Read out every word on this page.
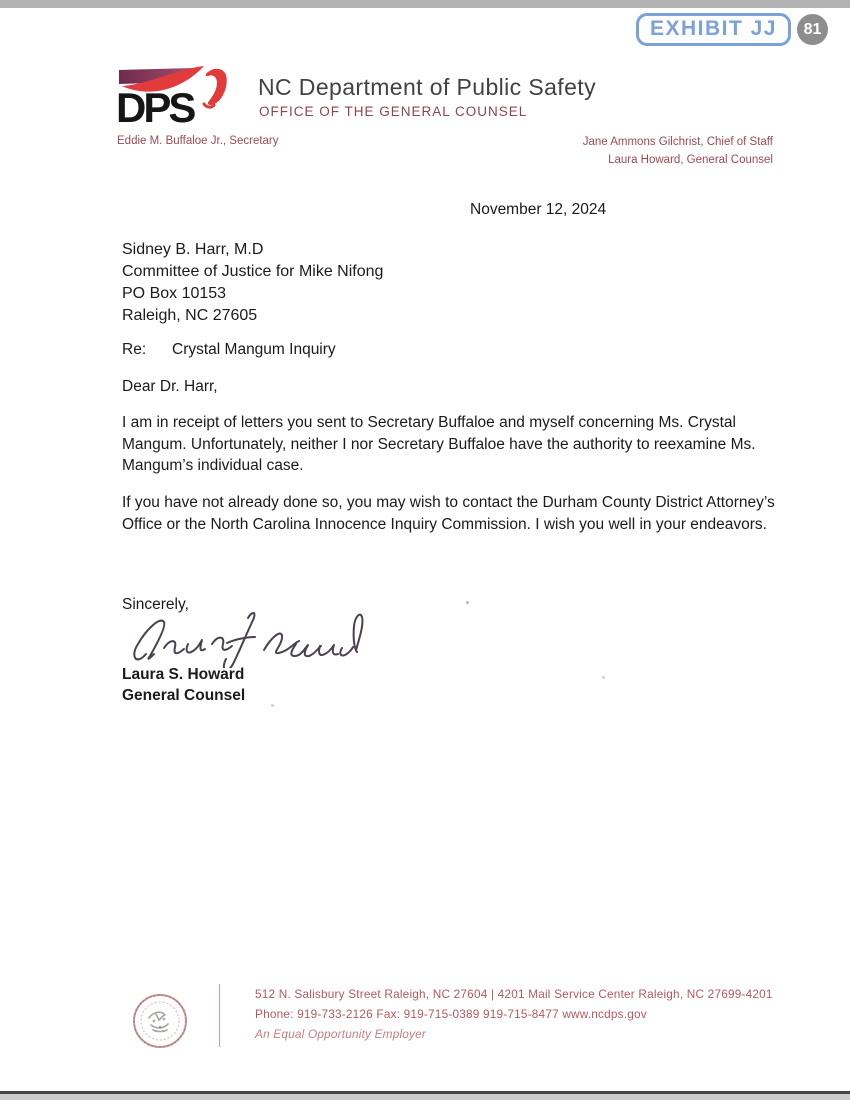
EXHIBIT JJ	81
DPS	NC Department of Public Safety
OFFICE OF THE GENERAL COUNSEL
Eddie M. Buffaloe Jr., Secretary	Jane Ammons Gilchrist, Chief of Staff
Laura Howard, General Counsel
November 12, 2024
Sidney B. Harr, M.D
Committee of Justice for Mike Nifong
PO Box 10153
Raleigh, NC 27605
Re:	Crystal Mangum Inquiry
Dear Dr. Harr,
I am in receipt of letters you sent to Secretary Buffaloe and myself concerning Ms. Crystal Mangum. Unfortunately, neither I nor Secretary Buffaloe have the authority to reexamine Ms. Mangum’s individual case.
If you have not already done so, you may wish to contact the Durham County District Attorney’s Office or the North Carolina Innocence Inquiry Commission. I wish you well in your endeavors.
Sincerely,
Laura S. Howard
General Counsel
512 N. Salisbury Street Raleigh, NC 27604 | 4201 Mail Service Center Raleigh, NC 27699-4201
Phone: 919-733-2126 Fax: 919-715-0389 919-715-8477 www.ncdps.gov
An Equal Opportunity Employer
